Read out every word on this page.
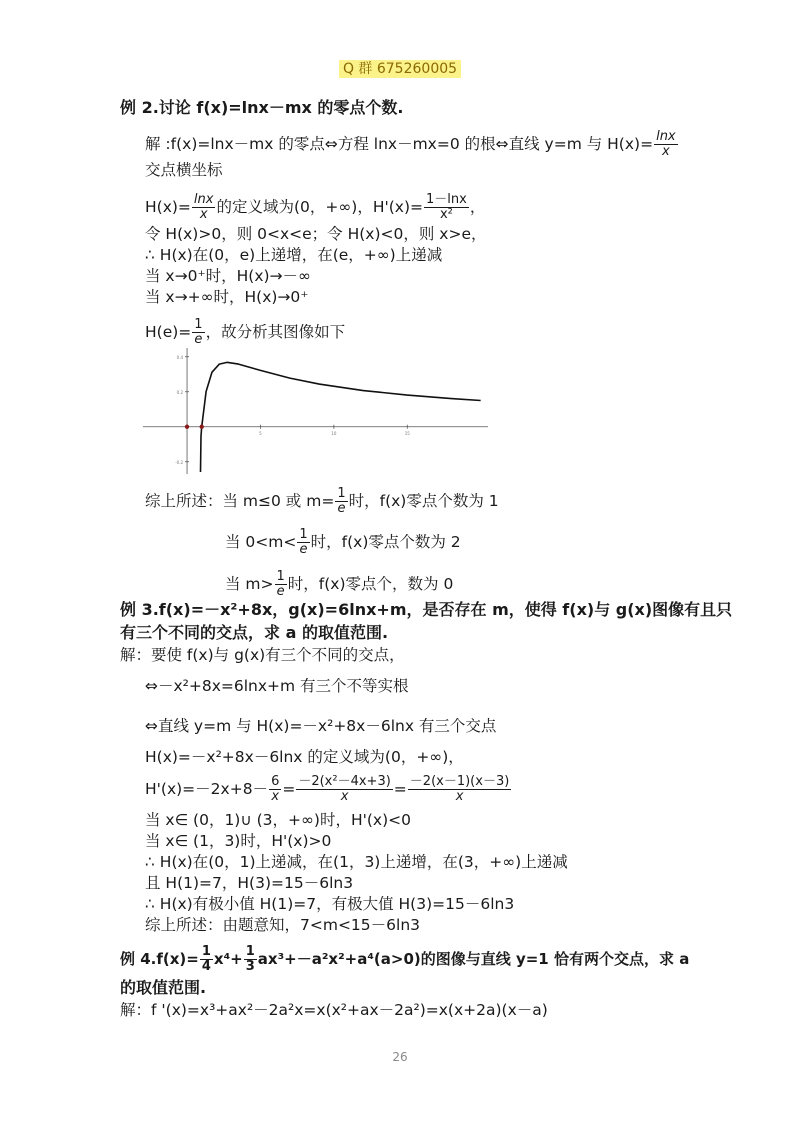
Q 群 675260005
例 2.讨论 f(x)=lnx－mx 的零点个数.
解 :f(x)=lnx－mx 的零点⇔方程 lnx－mx=0 的根⇔直线 y=m 与 $H(x)= \frac{\ln x}{x}$
交点横坐标
$H(x)= \frac{\ln x}{x}$ 的定义域为(0，+∞)，$H'(x)= \frac{1-\ln x}{\text{x²}}$ ，
令 H(x)>0，则 0<x<e；令 H(x)<0，则 x>e，
∴ H(x)在(0，e)上递增，在(e，+∞)上递减
当 x→0⁺时，H(x)→－∞
当 x→+∞时，H(x)→0⁺
$H(e)= \frac{1}{e}$ ，故分析其图像如下
0.4
0.2
-0.2
5	10	15
综上所述：当 m≤0 或 $m= \frac{1}{e}$ 时，f(x)零点个数为 1
当 $0<m< \frac{1}{e}$ 时，f(x)零点个数为 2
当 $m> \frac{1}{e}$ 时，f(x)零点个，数为 0
例 3.f(x)=－x²+8x，g(x)=6lnx+m，是否存在 m，使得 f(x)与 g(x)图像有且只
有三个不同的交点，求 a 的取值范围.
解：要使 f(x)与 g(x)有三个不同的交点，
⇔－x²+8x=6lnx+m 有三个不等实根
⇔直线 y=m 与 H(x)=－x²+8x－6lnx 有三个交点
H(x)=－x²+8x－6lnx 的定义域为(0，+∞)，
$H'(x)=-2x+8- \frac{6}{x} = \frac{\text{－2(x²－4x+3)}}{x} = \frac{-2(x-1)(x-3)}{x}$
当 x∈ (0，1)∪ (3，+∞)时，H'(x)<0
当 x∈ (1，3)时，H'(x)>0
∴ H(x)在(0，1)上递减，在(1，3)上递增，在(3，+∞)上递减
且 H(1)=7，H(3)=15－6ln3
∴ H(x)有极小值 H(1)=7，有极大值 H(3)=15－6ln3
综上所述：由题意知，7<m<15－6ln3
例 $4.f(x)= \frac{1}{4} x^4+ \frac{1}{3} ax^3+-a^2x^2+a^4(a>0)$的图像与直线 y=1 恰有两个交点，求 a
的取值范围.
解：f '(x)=x³+ax²－2a²x=x(x²+ax－2a²)=x(x+2a)(x－a)
26
